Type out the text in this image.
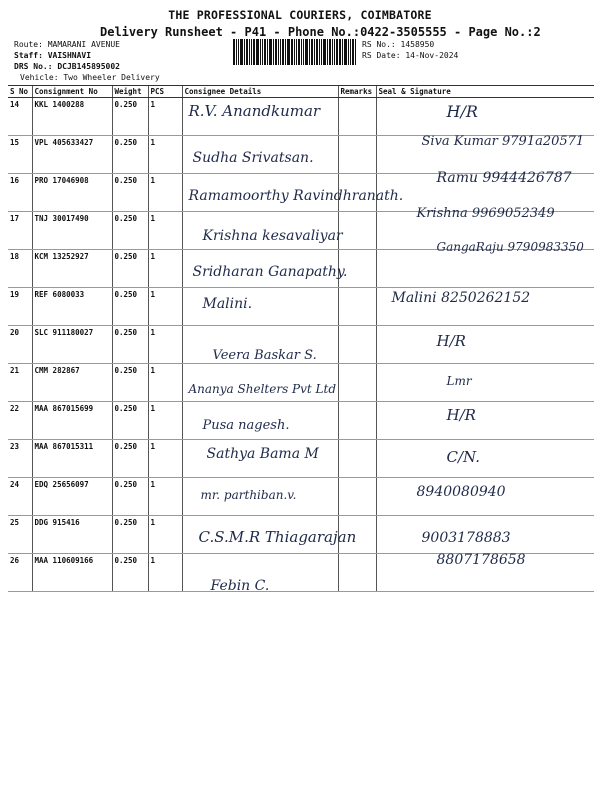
THE PROFESSIONAL COURIERS, COIMBATORE
Delivery Runsheet - P41 - Phone No.:0422-3505555 - Page No.:2
Route: MAMARANI AVENUE
Staff: VAISHNAVI
DRS No.: DCJB145895002
Vehicle: Two Wheeler Delivery
RS No.: 1458950
RS Date: 14-Nov-2024
S No	Consignment No	Weight	PCS	Consignee Details	Remarks	Seal & Signature
14	KKL 1400288	0.250	1	R.V. Anandkumar		H/R

15	VPL 405633427	0.250	1	Sudha Srivatsan.		Siva Kumar 9791a20571

16	PRO 17046908	0.250	1	Ramamoorthy Ravindhranath.		Ramu 9944426787

17	TNJ 30017490	0.250	1	Krishna kesavaliyar		Krishna 9969052349

18	KCM 13252927	0.250	1	Sridharan Ganapathy.		GangaRaju 9790983350

19	REF 6080033	0.250	1	Malini.		Malini 8250262152

20	SLC 911180027	0.250	1	Veera Baskar S.		H/R

21	CMM 282867	0.250	1	Ananya Shelters Pvt Ltd		Lmr

22	MAA 867015699	0.250	1	Pusa nagesh.		H/R

23	MAA 867015311	0.250	1	Sathya Bama M		C/N.

24	EDQ 25656097	0.250	1	mr. parthiban.v.		8940080940

25	DDG 915416	0.250	1	C.S.M.R Thiagarajan		9003178883

26	MAA 110609166	0.250	1	Febin C.		8807178658
